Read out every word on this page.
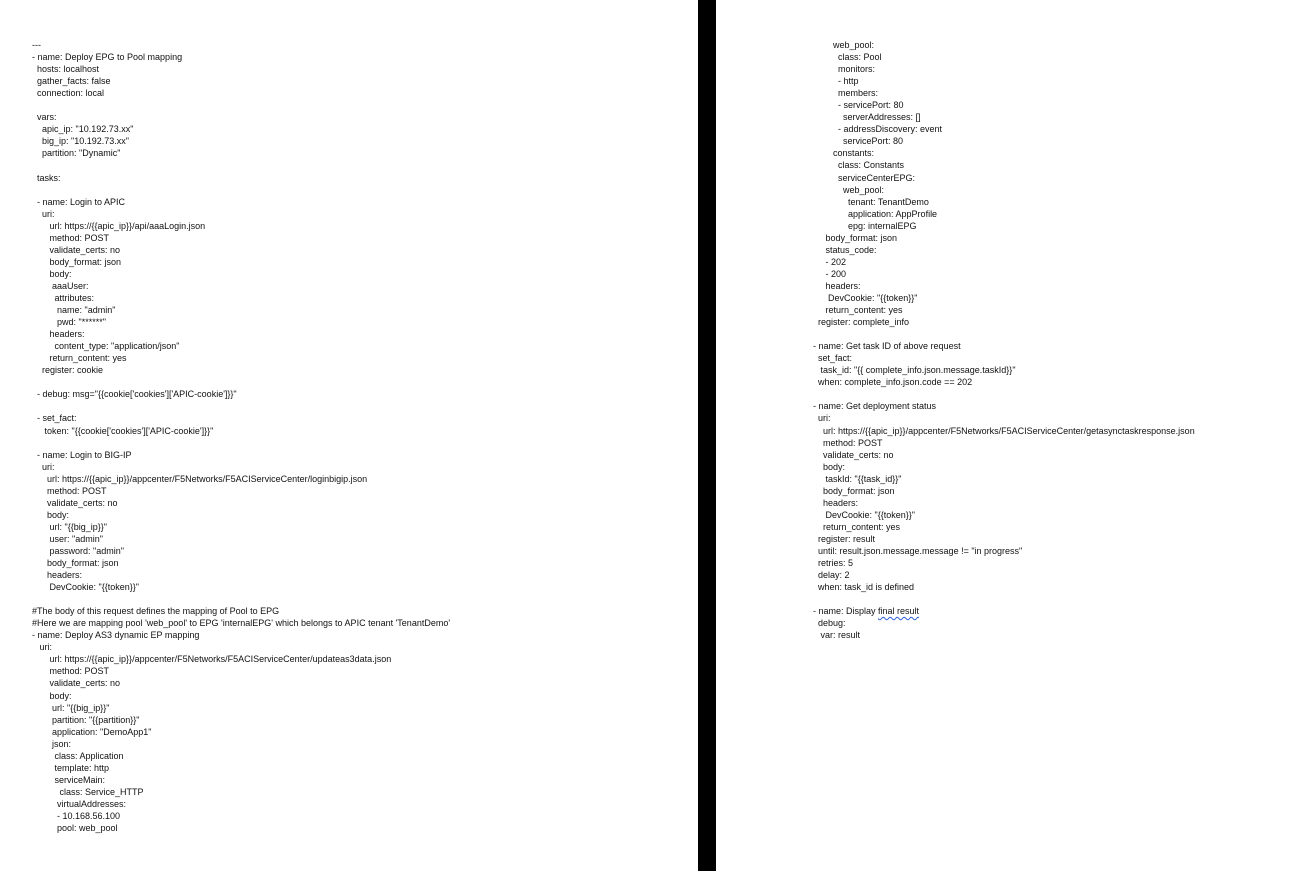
---
- name: Deploy EPG to Pool mapping
hosts: localhost
gather_facts: false
connection: local
vars:
apic_ip: "10.192.73.xx"
big_ip: "10.192.73.xx"
partition: "Dynamic"
tasks:
- name: Login to APIC
uri:
url: https://{{apic_ip}}/api/aaaLogin.json
method: POST
validate_certs: no
body_format: json
body:
aaaUser:
attributes:
name: "admin"
pwd: "******"
headers:
content_type: "application/json"
return_content: yes
register: cookie
- debug: msg="{{cookie['cookies']['APIC-cookie']}}"
- set_fact:
token: "{{cookie['cookies']['APIC-cookie']}}"
- name: Login to BIG-IP
uri:
url: https://{{apic_ip}}/appcenter/F5Networks/F5ACIServiceCenter/loginbigip.json
method: POST
validate_certs: no
body:
url: "{{big_ip}}"
user: "admin"
password: "admin"
body_format: json
headers:
DevCookie: "{{token}}"
#The body of this request defines the mapping of Pool to EPG
#Here we are mapping pool 'web_pool' to EPG 'internalEPG' which belongs to APIC tenant 'TenantDemo'
- name: Deploy AS3 dynamic EP mapping
uri:
url: https://{{apic_ip}}/appcenter/F5Networks/F5ACIServiceCenter/updateas3data.json
method: POST
validate_certs: no
body:
url: "{{big_ip}}"
partition: "{{partition}}"
application: "DemoApp1"
json:
class: Application
template: http
serviceMain:
class: Service_HTTP
virtualAddresses:
- 10.168.56.100
pool: web_pool
web_pool:
class: Pool
monitors:
- http
members:
- servicePort: 80
serverAddresses: []
- addressDiscovery: event
servicePort: 80
constants:
class: Constants
serviceCenterEPG:
web_pool:
tenant: TenantDemo
application: AppProfile
epg: internalEPG
body_format: json
status_code:
- 202
- 200
headers:
DevCookie: "{{token}}"
return_content: yes
register: complete_info
- name: Get task ID of above request
set_fact:
task_id: "{{ complete_info.json.message.taskId}}"
when: complete_info.json.code == 202
- name: Get deployment status
uri:
url: https://{{apic_ip}}/appcenter/F5Networks/F5ACIServiceCenter/getasynctaskresponse.json
method: POST
validate_certs: no
body:
taskId: "{{task_id}}"
body_format: json
headers:
DevCookie: "{{token}}"
return_content: yes
register: result
until: result.json.message.message != "in progress"
retries: 5
delay: 2
when: task_id is defined
- name: Display final result
debug:
var: result
